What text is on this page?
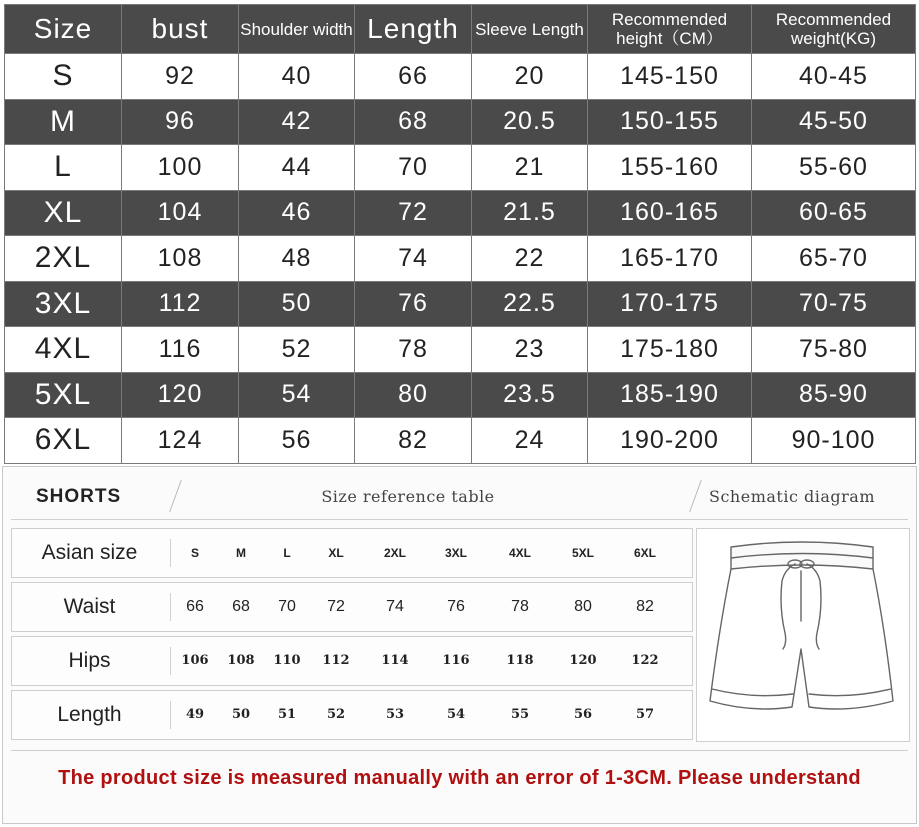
Size	bust	Shoulder width	Length	Sleeve Length	Recommended height（CM）	Recommended weight(KG)
S	92	40	66	20	145-150	40-45
M	96	42	68	20.5	150-155	45-50
L	100	44	70	21	155-160	55-60
XL	104	46	72	21.5	160-165	60-65
2XL	108	48	74	22	165-170	65-70
3XL	112	50	76	22.5	170-175	70-75
4XL	116	52	78	23	175-180	75-80
5XL	120	54	80	23.5	185-190	85-90
6XL	124	56	82	24	190-200	90-100
SHORTS	Size reference table	Schematic diagram
Asian size	S	M	L	XL	2XL	3XL	4XL	5XL	6XL
Waist	66	68	70	72	74	76	78	80	82
Hips	106	108	110	112	114	116	118	120	122
Length	49	50	51	52	53	54	55	56	57
The product size is measured manually with an error of 1-3CM. Please understand
